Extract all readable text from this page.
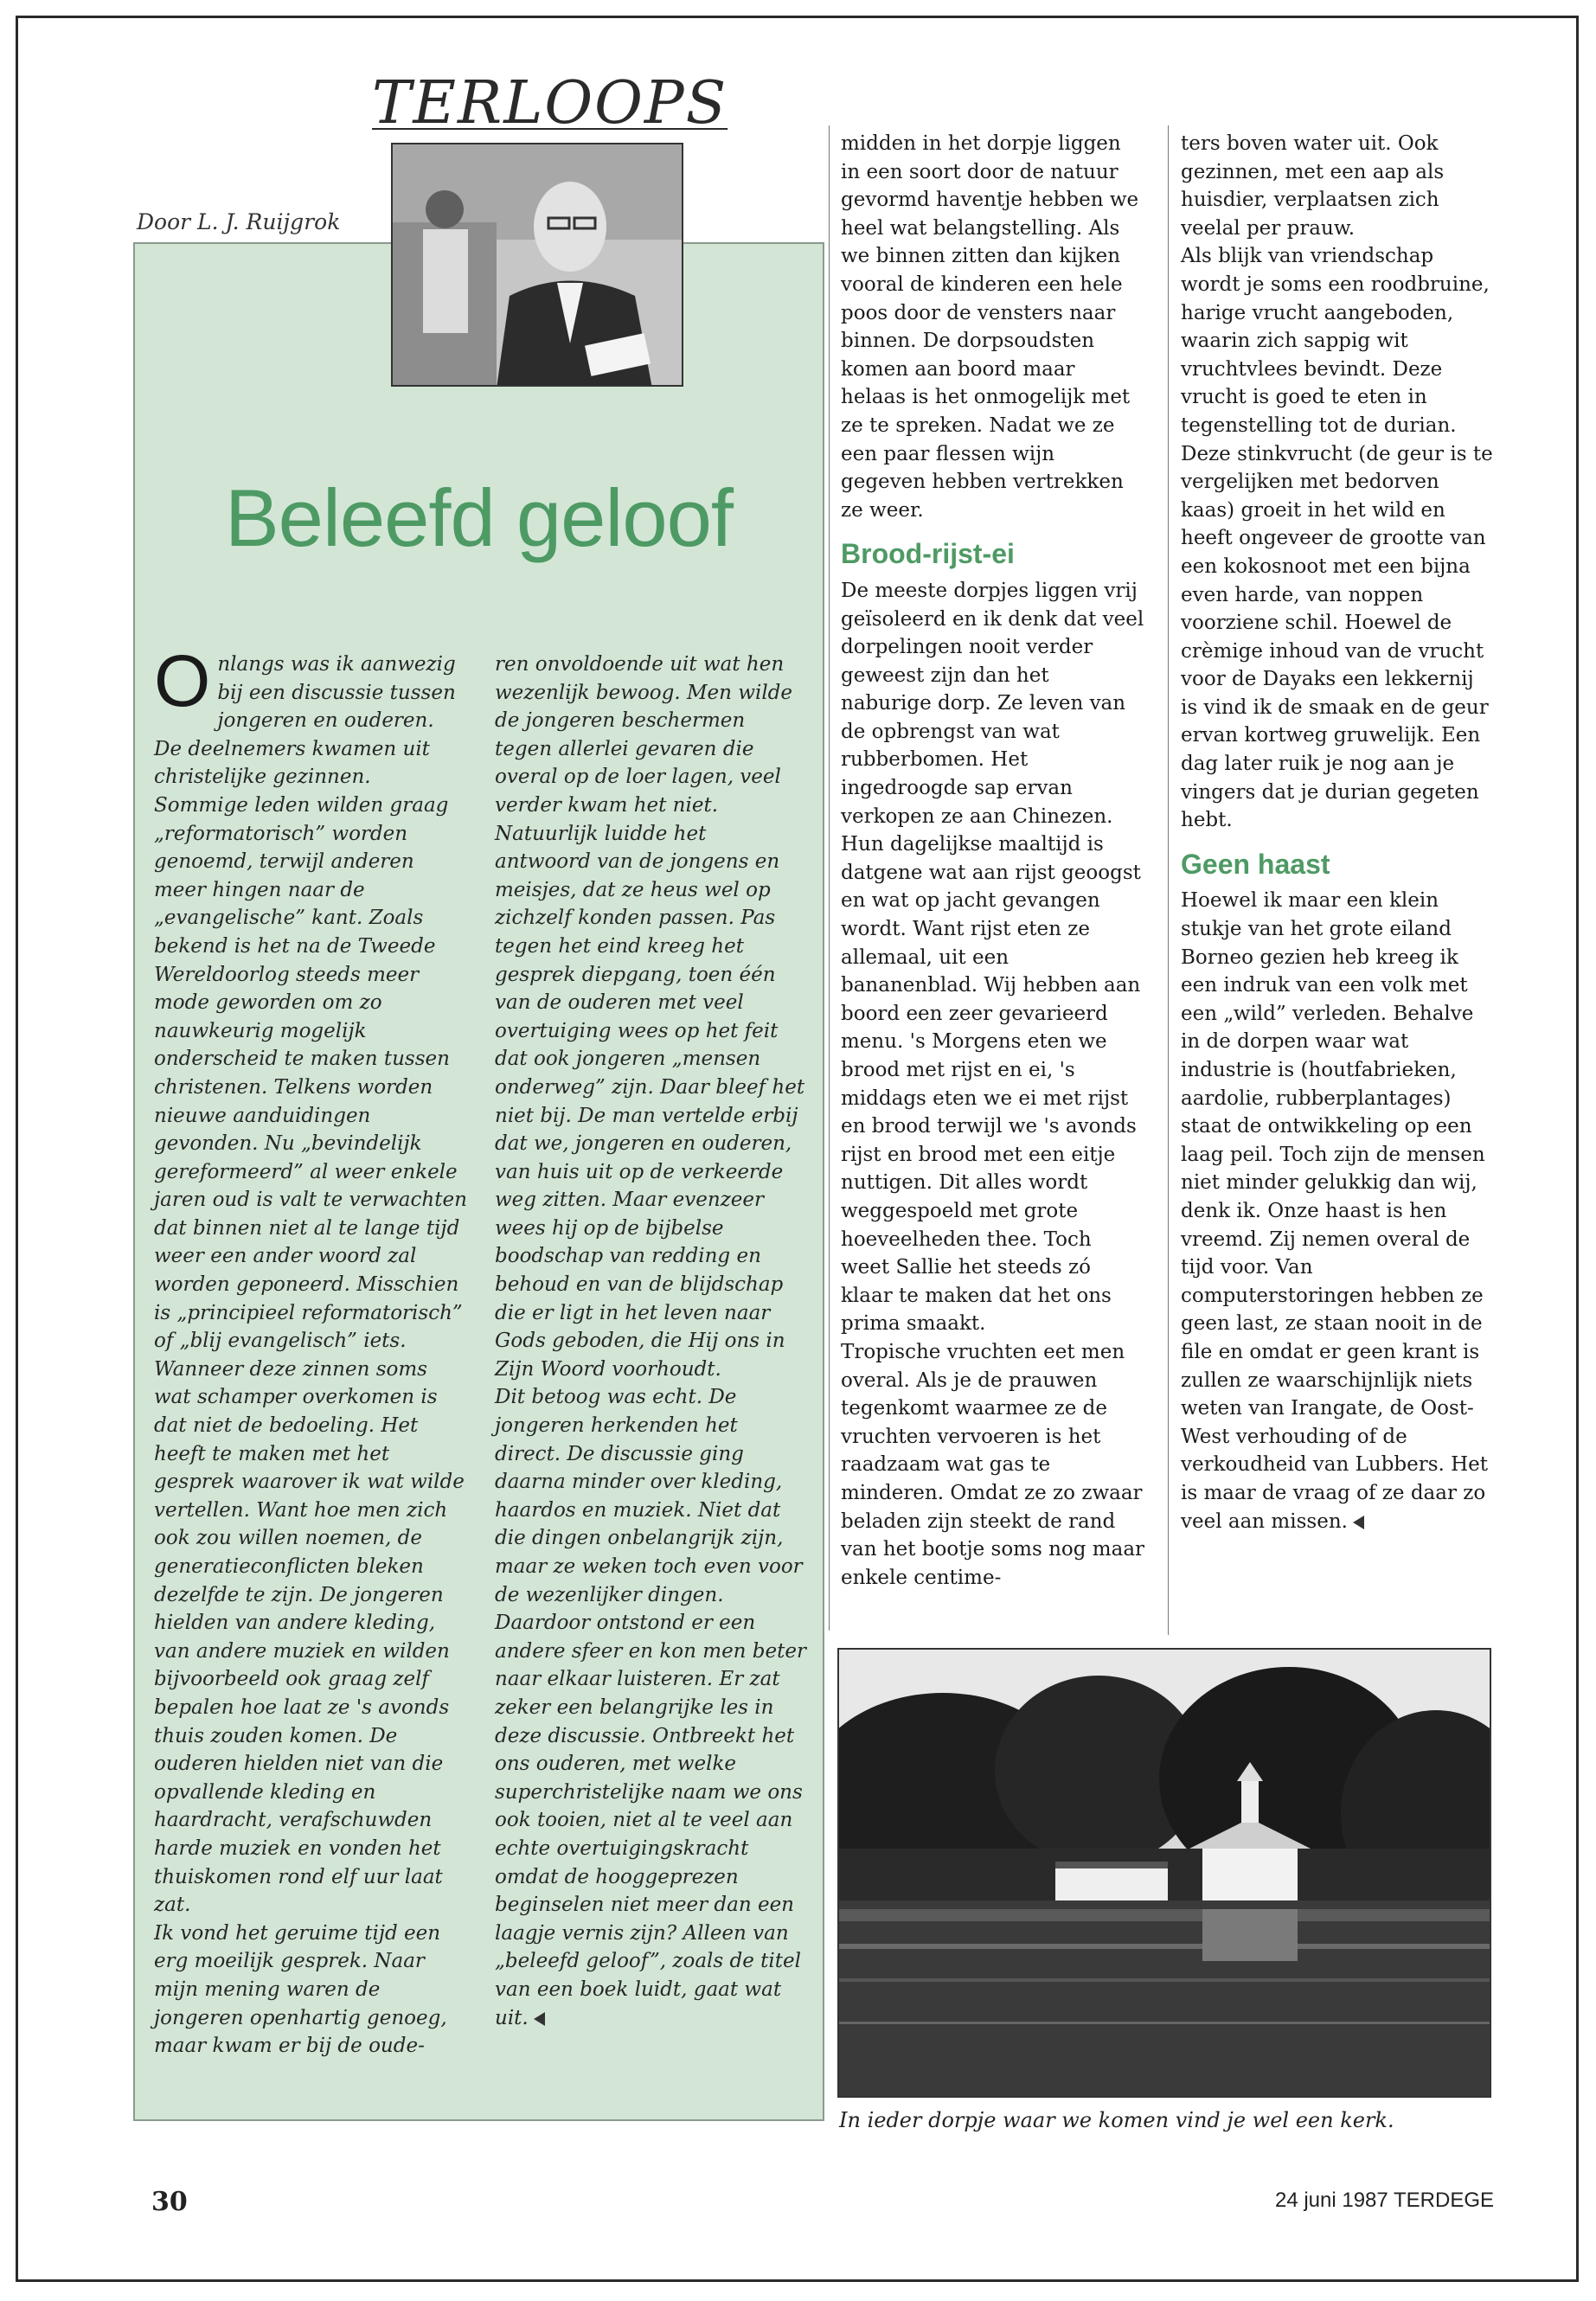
TERLOOPS
Door L. J. Ruijgrok
Beleefd geloof

Onlangs was ik aanwezig bij een discussie tussen jongeren en ouderen. De deelnemers kwamen uit christelijke gezinnen. Sommige leden wilden graag „reformatorisch” worden genoemd, terwijl anderen meer hingen naar de „evangelische” kant. Zoals bekend is het na de Tweede Wereldoorlog steeds meer mode geworden om zo nauwkeurig mogelijk onderscheid te maken tussen christenen. Telkens worden nieuwe aanduidingen gevonden. Nu „bevindelijk gereformeerd” al weer enkele jaren oud is valt te verwachten dat binnen niet al te lange tijd weer een ander woord zal worden geponeerd. Misschien is „principieel reformatorisch” of „blij evangelisch” iets. Wanneer deze zinnen soms wat schamper overkomen is dat niet de bedoeling. Het heeft te maken met het gesprek waarover ik wat wilde vertellen. Want hoe men zich ook zou willen noemen, de generatieconflicten bleken dezelfde te zijn. De jongeren hielden van andere kleding, van andere muziek en wilden bijvoorbeeld ook graag zelf bepalen hoe laat ze 's avonds thuis zouden komen. De ouderen hielden niet van die opvallende kleding en haardracht, verafschuwden harde muziek en vonden het thuiskomen rond elf uur laat zat.

Ik vond het geruime tijd een erg moeilijk gesprek. Naar mijn mening waren de jongeren openhartig genoeg, maar kwam er bij de oude-

ren onvoldoende uit wat hen wezenlijk bewoog. Men wilde de jongeren beschermen tegen allerlei gevaren die overal op de loer lagen, veel verder kwam het niet. Natuurlijk luidde het antwoord van de jongens en meisjes, dat ze heus wel op zichzelf konden passen. Pas tegen het eind kreeg het gesprek diepgang, toen één van de ouderen met veel overtuiging wees op het feit dat ook jongeren „mensen onderweg” zijn. Daar bleef het niet bij. De man vertelde erbij dat we, jongeren en ouderen, van huis uit op de verkeerde weg zitten. Maar evenzeer wees hij op de bijbelse boodschap van redding en behoud en van de blijdschap die er ligt in het leven naar Gods geboden, die Hij ons in Zijn Woord voorhoudt.

Dit betoog was echt. De jongeren herkenden het direct. De discussie ging daarna minder over kleding, haardos en muziek. Niet dat die dingen onbelangrijk zijn, maar ze weken toch even voor de wezenlijker dingen. Daardoor ontstond er een andere sfeer en kon men beter naar elkaar luisteren. Er zat zeker een belangrijke les in deze discussie. Ontbreekt het ons ouderen, met welke superchristelijke naam we ons ook tooien, niet al te veel aan echte overtuigingskracht omdat de hooggeprezen beginselen niet meer dan een laagje vernis zijn? Alleen van „beleefd geloof”, zoals de titel van een boek luidt, gaat wat uit.

midden in het dorpje liggen in een soort door de natuur gevormd haventje hebben we heel wat belangstelling. Als we binnen zitten dan kijken vooral de kinderen een hele poos door de vensters naar binnen. De dorpsoudsten komen aan boord maar helaas is het onmogelijk met ze te spreken. Nadat we ze een paar flessen wijn gegeven hebben vertrekken ze weer.

Brood-rijst-ei

De meeste dorpjes liggen vrij geïsoleerd en ik denk dat veel dorpelingen nooit verder geweest zijn dan het naburige dorp. Ze leven van de opbrengst van wat rubberbomen. Het ingedroogde sap ervan verkopen ze aan Chinezen. Hun dagelijkse maaltijd is datgene wat aan rijst geoogst en wat op jacht gevangen wordt. Want rijst eten ze allemaal, uit een bananenblad. Wij hebben aan boord een zeer gevarieerd menu. 's Morgens eten we brood met rijst en ei, 's middags eten we ei met rijst en brood terwijl we 's avonds rijst en brood met een eitje nuttigen. Dit alles wordt weggespoeld met grote hoeveelheden thee. Toch weet Sallie het steeds zó klaar te maken dat het ons prima smaakt.

Tropische vruchten eet men overal. Als je de prauwen tegenkomt waarmee ze de vruchten vervoeren is het raadzaam wat gas te minderen. Omdat ze zo zwaar beladen zijn steekt de rand van het bootje soms nog maar enkele centime-

ters boven water uit. Ook gezinnen, met een aap als huisdier, verplaatsen zich veelal per prauw.

Als blijk van vriendschap wordt je soms een roodbruine, harige vrucht aangeboden, waarin zich sappig wit vruchtvlees bevindt. Deze vrucht is goed te eten in tegenstelling tot de durian. Deze stinkvrucht (de geur is te vergelijken met bedorven kaas) groeit in het wild en heeft ongeveer de grootte van een kokosnoot met een bijna even harde, van noppen voorziene schil. Hoewel de crèmige inhoud van de vrucht voor de Dayaks een lekkernij is vind ik de smaak en de geur ervan kortweg gruwelijk. Een dag later ruik je nog aan je vingers dat je durian gegeten hebt.

Geen haast

Hoewel ik maar een klein stukje van het grote eiland Borneo gezien heb kreeg ik een indruk van een volk met een „wild” verleden. Behalve in de dorpen waar wat industrie is (houtfabrieken, aardolie, rubberplantages) staat de ontwikkeling op een laag peil. Toch zijn de mensen niet minder gelukkig dan wij, denk ik. Onze haast is hen vreemd. Zij nemen overal de tijd voor. Van computerstoringen hebben ze geen last, ze staan nooit in de file en omdat er geen krant is zullen ze waarschijnlijk niets weten van Irangate, de Oost-West verhouding of de verkoudheid van Lubbers. Het is maar de vraag of ze daar zo veel aan missen.

In ieder dorpje waar we komen vind je wel een kerk.
30	24 juni 1987 TERDEGE
